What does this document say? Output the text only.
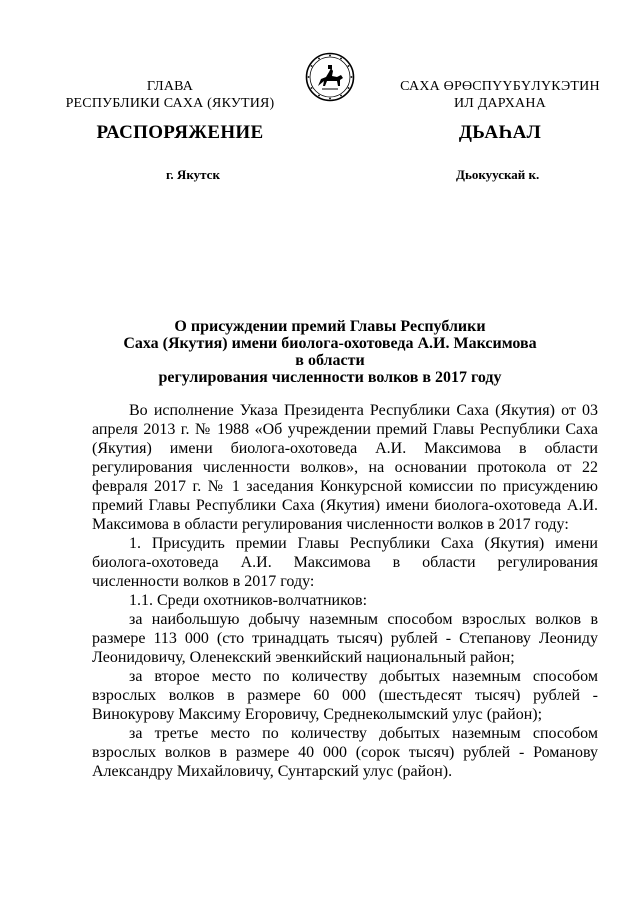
ГЛАВА
РЕСПУБЛИКИ САХА (ЯКУТИЯ)
САХА ӨРӨСПҮҮБҮЛҮКЭТИН
ИЛ ДАРХАНА
РАСПОРЯЖЕНИЕ	ДЬАҺАЛ
г. Якутск	Дьокуускай к.
О присуждении премий Главы Республики
Саха (Якутия) имени биолога-охотоведа А.И. Максимова в области
регулирования численности волков в 2017 году

Во исполнение Указа Президента Республики Саха (Якутия) от 03 апреля 2013 г. № 1988 «Об учреждении премий Главы Республики Саха (Якутия) имени биолога-охотоведа А.И. Максимова в области регулирования численности волков», на основании протокола от 22 февраля 2017 г. № 1 заседания Конкурсной комиссии по присуждению премий Главы Республики Саха (Якутия) имени биолога-охотоведа А.И. Максимова в области регулирования численности волков в 2017 году:

1. Присудить премии Главы Республики Саха (Якутия) имени биолога-охотоведа А.И. Максимова в области регулирования численности волков в 2017 году:

1.1. Среди охотников-волчатников:

за наибольшую добычу наземным способом взрослых волков в размере 113 000 (сто тринадцать тысяч) рублей - Степанову Леониду Леонидовичу, Оленекский эвенкийский национальный район;

за второе место по количеству добытых наземным способом взрослых волков в размере 60 000 (шестьдесят тысяч) рублей - Винокурову Максиму Егоровичу, Среднеколымский улус (район);

за третье место по количеству добытых наземным способом взрослых волков в размере 40 000 (сорок тысяч) рублей - Романову Александру Михайловичу, Сунтарский улус (район).
